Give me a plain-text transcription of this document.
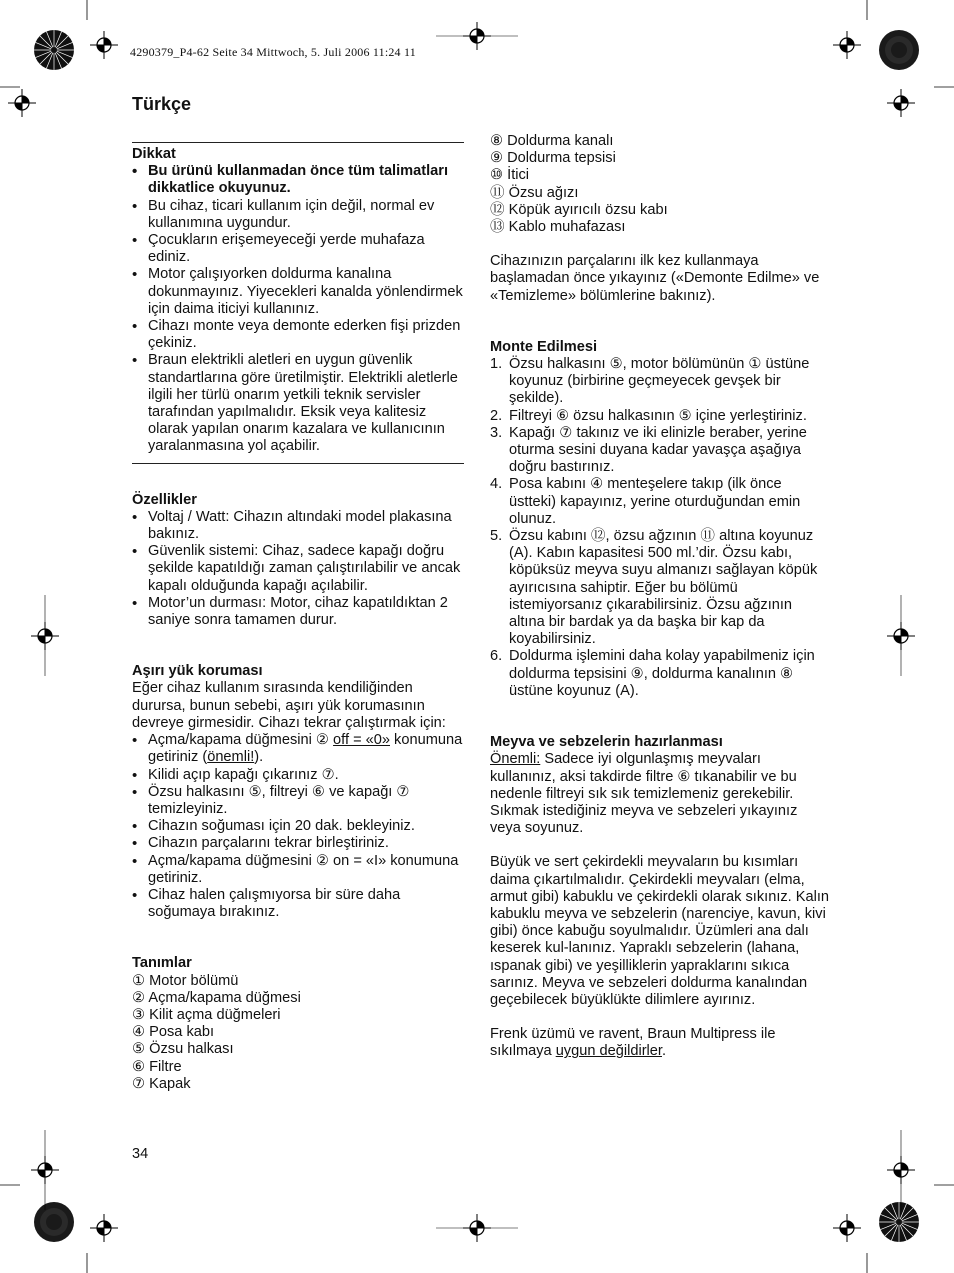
4290379_P4-62 Seite 34 Mittwoch, 5. Juli 2006 11:24 11
Türkçe
Dikkat
• Bu ürünü kullanmadan önce tüm talimatları dikkatlice okuyunuz.
• Bu cihaz, ticari kullanım için değil, normal ev kullanımına uygundur.
• Çocukların erişemeyeceği yerde muhafaza ediniz.
• Motor çalışıyorken doldurma kanalına dokunmayınız. Yiyecekleri kanalda yönlendirmek için daima iticiyi kullanınız.
• Cihazı monte veya demonte ederken fişi prizden çekiniz.
• Braun elektrikli aletleri en uygun güvenlik standartlarına göre üretilmiştir. Elektrikli aletlerle ilgili her türlü onarım yetkili teknik servisler tarafından yapılmalıdır. Eksik veya kalitesiz olarak yapılan onarım kazalara ve kullanıcının yaralanmasına yol açabilir.
Özellikler
• Voltaj / Watt: Cihazın altındaki model plakasına bakınız.
• Güvenlik sistemi: Cihaz, sadece kapağı doğru şekilde kapatıldığı zaman çalıştırılabilir ve ancak kapalı olduğunda kapağı açılabilir.
• Motor’un durması: Motor, cihaz kapatıldıktan 2 saniye sonra tamamen durur.
Aşırı yük koruması

Eğer cihaz kullanım sırasında kendiliğinden durursa, bunun sebebi, aşırı yük korumasının devreye girmesidir. Cihazı tekrar çalıştırmak için:

• Açma/kapama düğmesini ② off = «0» konumuna getiriniz (önemli!).
• Kilidi açıp kapağı çıkarınız ⑦.
• Özsu halkasını ⑤, filtreyi ⑥ ve kapağı ⑦ temizleyiniz.
• Cihazın soğuması için 20 dak. bekleyiniz.
• Cihazın parçalarını tekrar birleştiriniz.
• Açma/kapama düğmesini ② on = «I» konumuna getiriniz.
• Cihaz halen çalışmıyorsa bir süre daha soğumaya bırakınız.
Tanımlar
① Motor bölümü
② Açma/kapama düğmesi
③ Kilit açma düğmeleri
④ Posa kabı
⑤ Özsu halkası
⑥ Filtre
⑦ Kapak
⑧ Doldurma kanalı
⑨ Doldurma tepsisi
⑩ İtici
⑪ Özsu ağızı
⑫ Köpük ayırıcılı özsu kabı
⑬ Kablo muhafazası

Cihazınızın parçalarını ilk kez kullanmaya başlamadan önce yıkayınız («Demonte Edilme» ve «Temizleme» bölümlerine bakınız).

Monte Edilmesi
1. Özsu halkasını ⑤, motor bölümünün ① üstüne koyunuz (birbirine geçmeyecek gevşek bir şekilde).
2. Filtreyi ⑥ özsu halkasının ⑤ içine yerleştiriniz.
3. Kapağı ⑦ takınız ve iki elinizle beraber, yerine oturma sesini duyana kadar yavaşça aşağıya doğru bastırınız.
4. Posa kabını ④ menteşelere takıp (ilk önce üstteki) kapayınız, yerine oturduğundan emin olunuz.
5. Özsu kabını ⑫, özsu ağzının ⑪ altına koyunuz (A). Kabın kapasitesi 500 ml.’dir. Özsu kabı, köpüksüz meyva suyu almanızı sağlayan köpük ayırıcısına sahiptir. Eğer bu bölümü istemiyorsanız çıkarabilirsiniz. Özsu ağzının altına bir bardak ya da başka bir kap da koyabilirsiniz.
6. Doldurma işlemini daha kolay yapabilmeniz için doldurma tepsisini ⑨, doldurma kanalının ⑧ üstüne koyunuz (A).
Meyva ve sebzelerin hazırlanması

Önemli: Sadece iyi olgunlaşmış meyvaları kullanınız, aksi takdirde filtre ⑥ tıkanabilir ve bu nedenle filtreyi sık sık temizlemeniz gerekebilir. Sıkmak istediğiniz meyva ve sebzeleri yıkayınız veya soyunuz.

Büyük ve sert çekirdekli meyvaların bu kısımları daima çıkartılmalıdır. Çekirdekli meyvaları (elma, armut gibi) kabuklu ve çekirdekli olarak sıkınız. Kalın kabuklu meyva ve sebzelerin (narenciye, kavun, kivi gibi) önce kabuğu soyulmalıdır. Üzümleri ana dalı keserek kul-lanınız. Yapraklı sebzelerin (lahana, ıspanak gibi) ve yeşilliklerin yapraklarını sıkıca sarınız. Meyva ve sebzeleri doldurma kanalından geçebilecek büyüklükte dilimlere ayırınız.

Frenk üzümü ve ravent, Braun Multipress ile sıkılmaya uygun değildirler.

34
